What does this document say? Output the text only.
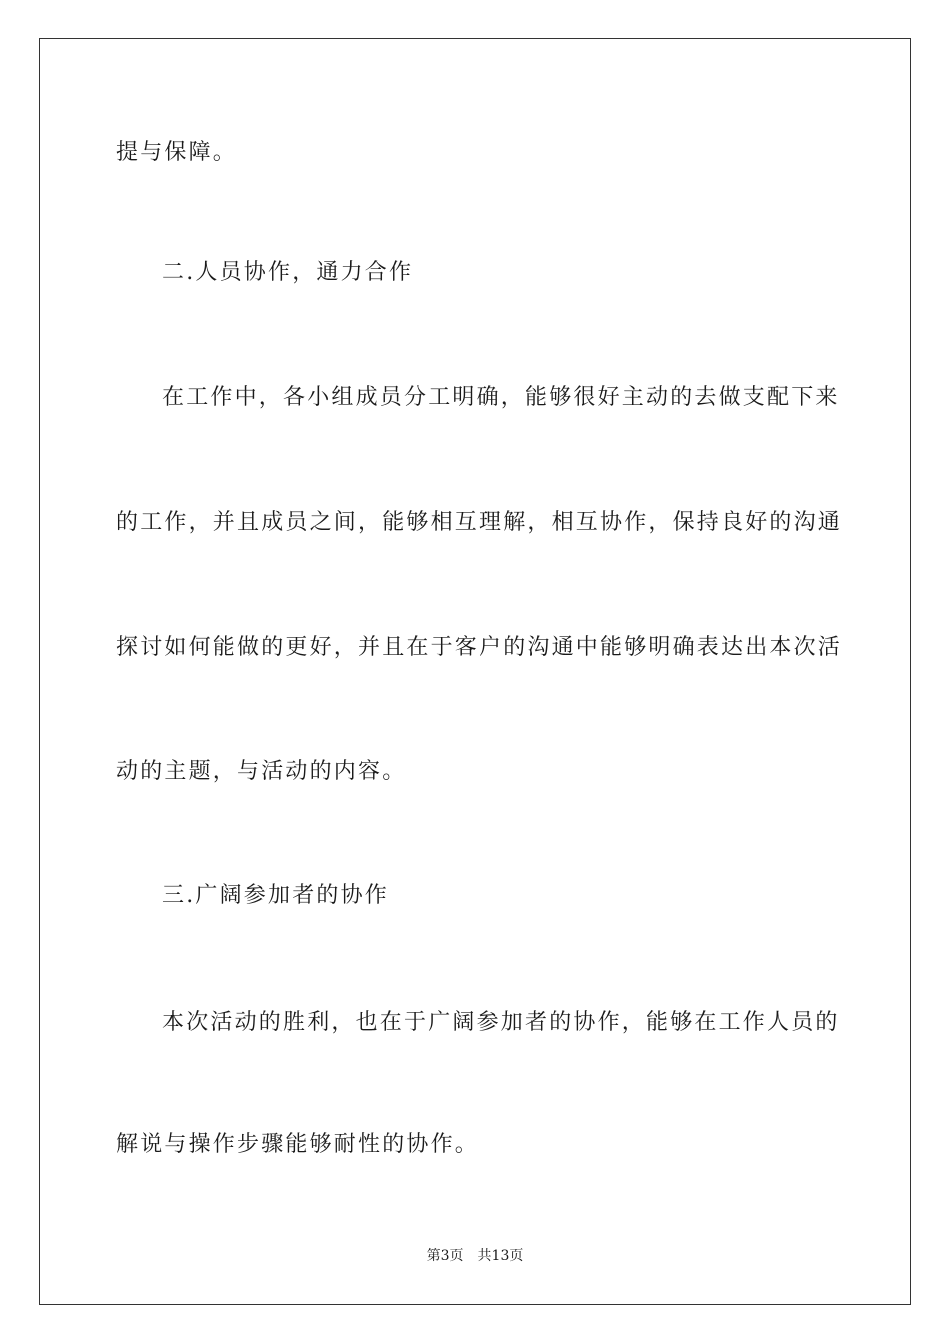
提与保障。
二.人员协作，通力合作
在工作中，各小组成员分工明确，能够很好主动的去做支配下来
的工作，并且成员之间，能够相互理解，相互协作，保持良好的沟通
探讨如何能做的更好，并且在于客户的沟通中能够明确表达出本次活
动的主题，与活动的内容。
三.广阔参加者的协作
本次活动的胜利，也在于广阔参加者的协作，能够在工作人员的
解说与操作步骤能够耐性的协作。
第3页 共13页
